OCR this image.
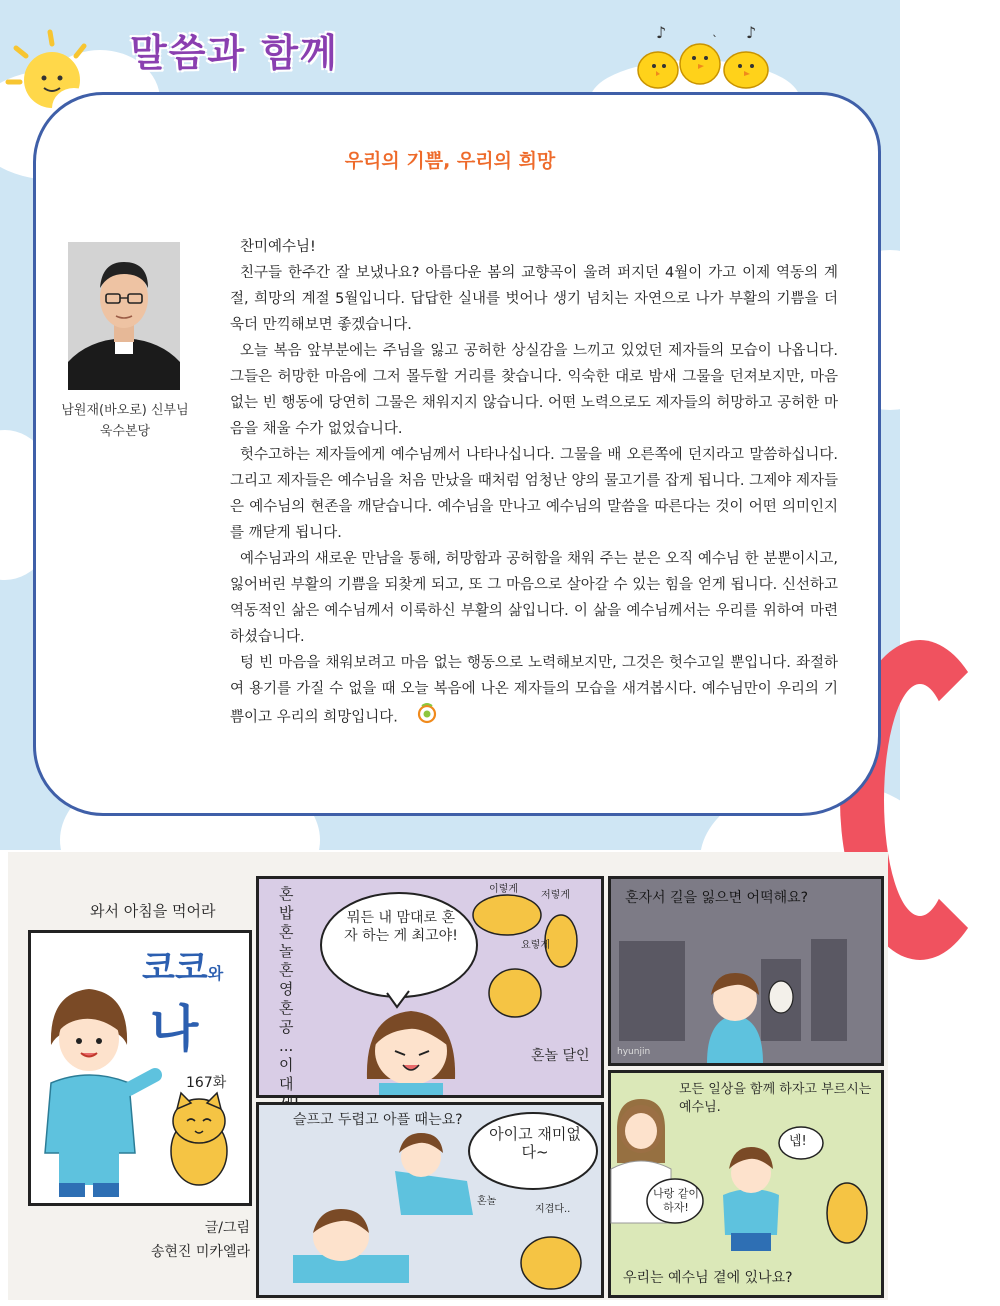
말씀과 함께	♪	ˎ ♪
우리의 기쁨, 우리의 희망
남원재(바오로) 신부님
욱수본당

찬미예수님!

친구들 한주간 잘 보냈나요? 아름다운 봄의 교향곡이 울려 퍼지던 4월이 가고 이제 역동의 계절, 희망의 계절 5월입니다. 답답한 실내를 벗어나 생기 넘치는 자연으로 나가 부활의 기쁨을 더욱더 만끽해보면 좋겠습니다.

오늘 복음 앞부분에는 주님을 잃고 공허한 상실감을 느끼고 있었던 제자들의 모습이 나옵니다. 그들은 허망한 마음에 그저 몰두할 거리를 찾습니다. 익숙한 대로 밤새 그물을 던져보지만, 마음 없는 빈 행동에 당연히 그물은 채워지지 않습니다. 어떤 노력으로도 제자들의 허망하고 공허한 마음을 채울 수가 없었습니다.

헛수고하는 제자들에게 예수님께서 나타나십니다. 그물을 배 오른쪽에 던지라고 말씀하십니다. 그리고 제자들은 예수님을 처음 만났을 때처럼 엄청난 양의 물고기를 잡게 됩니다. 그제야 제자들은 예수님의 현존을 깨닫습니다. 예수님을 만나고 예수님의 말씀을 따른다는 것이 어떤 의미인지를 깨닫게 됩니다.

예수님과의 새로운 만남을 통해, 허망함과 공허함을 채워 주는 분은 오직 예수님 한 분뿐이시고, 잃어버린 부활의 기쁨을 되찾게 되고, 또 그 마음으로 살아갈 수 있는 힘을 얻게 됩니다. 신선하고 역동적인 삶은 예수님께서 이룩하신 부활의 삶입니다. 이 삶을 예수님께서는 우리를 위하여 마련하셨습니다.

텅 빈 마음을 채워보려고 마음 없는 행동으로 노력해보지만, 그것은 헛수고일 뿐입니다. 좌절하여 용기를 가질 수 없을 때 오늘 복음에 나온 제자들의 모습을 새겨봅시다. 예수님만이 우리의 기쁨이고 우리의 희망입니다.

와서 아침을 먹어라
코코와
나
167화
글/그림
송현진 미카엘라
혼밥 혼놀 혼영 혼공 ... 이 대
뭐든 내 맘대로 혼자 하는 게 최고야!
이렇게
저렇게
요렇게
혼놀 달인
혼자서 길을 잃으면 어떡해요?
hyunjin
슬프고 두렵고 아플 때는요?
아이고 재미없다~
혼놀
지겹다..
모든 일상을 함께 하자고 부르시는 예수님.
나랑 같이 하자!
넵!
우리는 예수님 곁에 있나요?
